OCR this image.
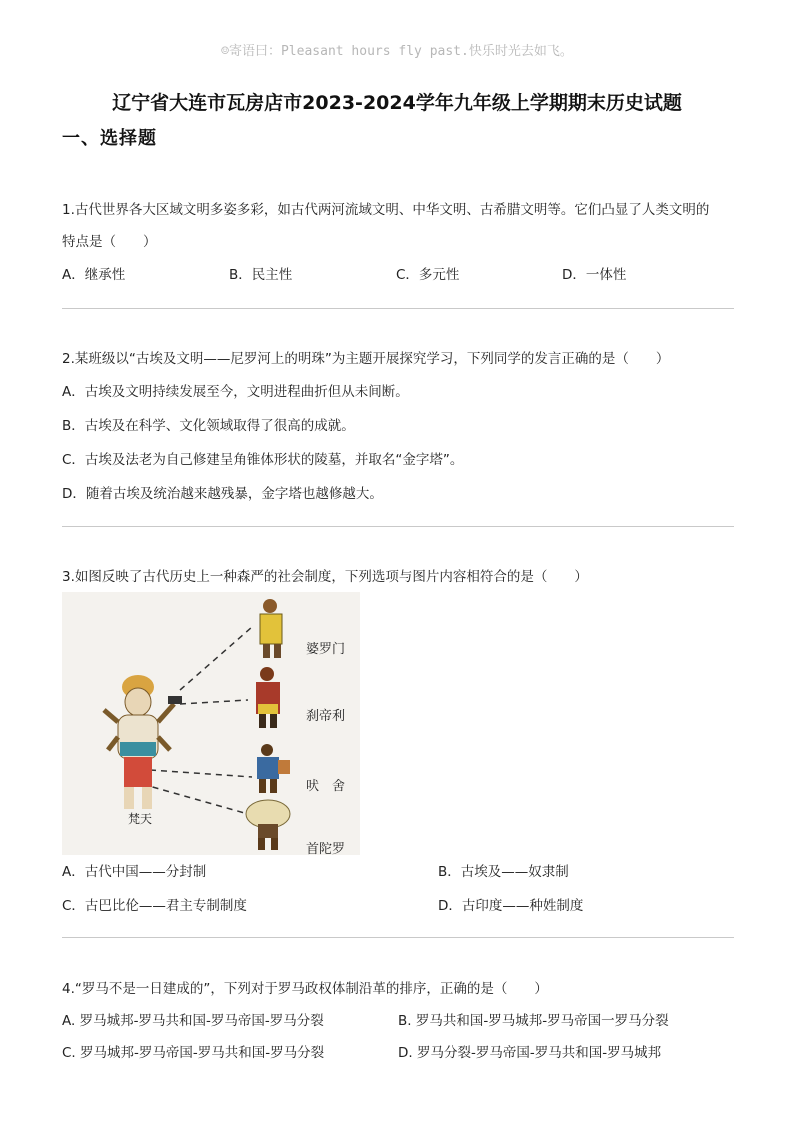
☺寄语曰：Pleasant hours fly past.快乐时光去如飞。
辽宁省大连市瓦房店市2023-2024学年九年级上学期期末历史试题
一、选择题
1.古代世界各大区域文明多姿多彩，如古代两河流域文明、中华文明、古希腊文明等。它们凸显了人类文明的
特点是（　　）
A．继承性	B．民主性	C．多元性	D．一体性
2.某班级以“古埃及文明——尼罗河上的明珠”为主题开展探究学习，下列同学的发言正确的是（　　）
A．古埃及文明持续发展至今，文明进程曲折但从未间断。
B．古埃及在科学、文化领域取得了很高的成就。
C．古埃及法老为自己修建呈角锥体形状的陵墓，并取名“金字塔”。
D．随着古埃及统治越来越残暴，金字塔也越修越大。
3.如图反映了古代历史上一种森严的社会制度，下列选项与图片内容相符合的是（　　）
婆罗门
刹帝利
吠　舍
首陀罗
梵天
A．古代中国——分封制	B．古埃及——奴隶制
C．古巴比伦——君主专制制度	D．古印度——种姓制度
4.“罗马不是一日建成的”，下列对于罗马政权体制沿革的排序，正确的是（　　）
A. 罗马城邦-罗马共和国-罗马帝国-罗马分裂	B. 罗马共和国-罗马城邦-罗马帝国一罗马分裂
C. 罗马城邦-罗马帝国-罗马共和国-罗马分裂	D. 罗马分裂-罗马帝国-罗马共和国-罗马城邦
